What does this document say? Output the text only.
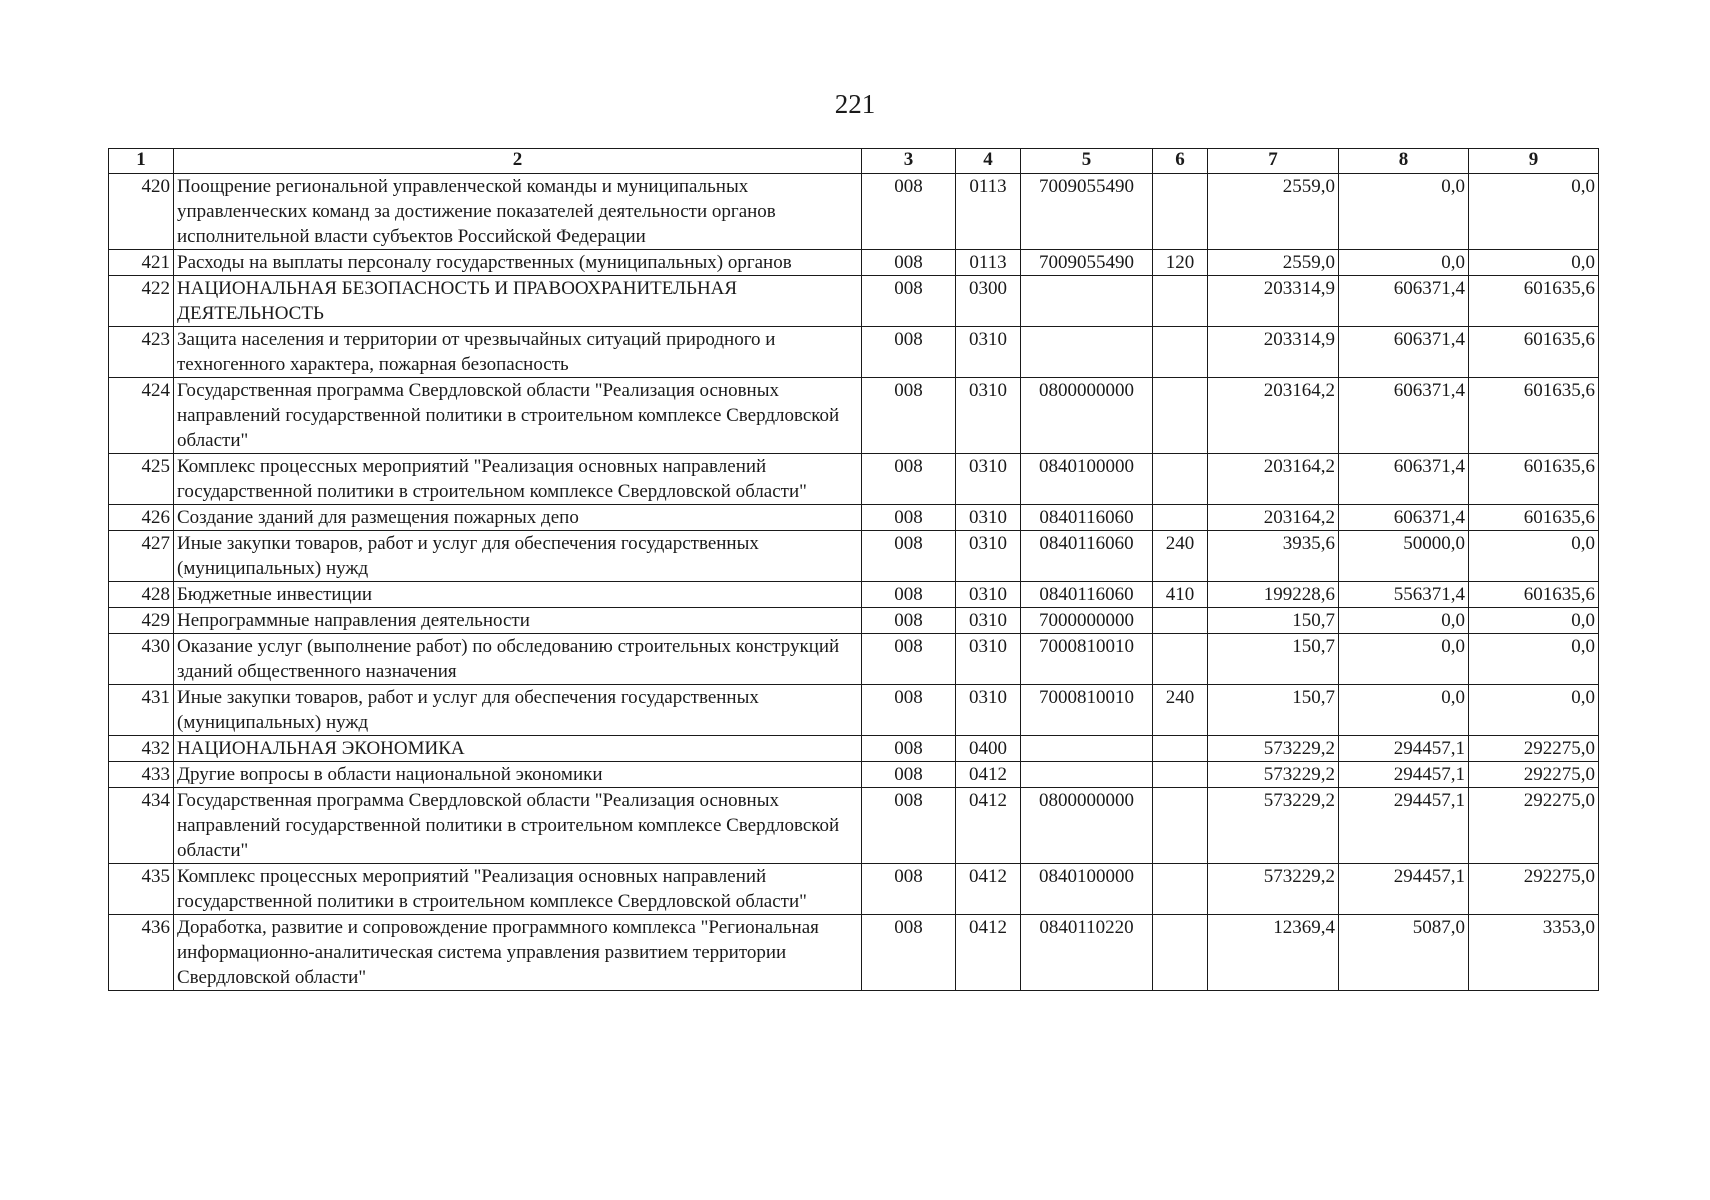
221
1	2	3	4	5	6	7	8	9
420	Поощрение региональной управленческой команды и муниципальных управленческих команд за достижение показателей деятельности органов исполнительной власти субъектов Российской Федерации	008	0113	7009055490		2559,0	0,0	0,0
421	Расходы на выплаты персоналу государственных (муниципальных) органов	008	0113	7009055490	120	2559,0	0,0	0,0
422	НАЦИОНАЛЬНАЯ БЕЗОПАСНОСТЬ И ПРАВООХРАНИТЕЛЬНАЯ ДЕЯТЕЛЬНОСТЬ	008	0300			203314,9	606371,4	601635,6
423	Защита населения и территории от чрезвычайных ситуаций природного и техногенного характера, пожарная безопасность	008	0310			203314,9	606371,4	601635,6
424	Государственная программа Свердловской области "Реализация основных направлений государственной политики в строительном комплексе Свердловской области"	008	0310	0800000000		203164,2	606371,4	601635,6
425	Комплекс процессных мероприятий "Реализация основных направлений государственной политики в строительном комплексе Свердловской области"	008	0310	0840100000		203164,2	606371,4	601635,6
426	Создание зданий для размещения пожарных депо	008	0310	0840116060		203164,2	606371,4	601635,6
427	Иные закупки товаров, работ и услуг для обеспечения государственных (муниципальных) нужд	008	0310	0840116060	240	3935,6	50000,0	0,0
428	Бюджетные инвестиции	008	0310	0840116060	410	199228,6	556371,4	601635,6
429	Непрограммные направления деятельности	008	0310	7000000000		150,7	0,0	0,0
430	Оказание услуг (выполнение работ) по обследованию строительных конструкций зданий общественного назначения	008	0310	7000810010		150,7	0,0	0,0
431	Иные закупки товаров, работ и услуг для обеспечения государственных (муниципальных) нужд	008	0310	7000810010	240	150,7	0,0	0,0
432	НАЦИОНАЛЬНАЯ ЭКОНОМИКА	008	0400			573229,2	294457,1	292275,0
433	Другие вопросы в области национальной экономики	008	0412			573229,2	294457,1	292275,0
434	Государственная программа Свердловской области "Реализация основных направлений государственной политики в строительном комплексе Свердловской области"	008	0412	0800000000		573229,2	294457,1	292275,0
435	Комплекс процессных мероприятий "Реализация основных направлений государственной политики в строительном комплексе Свердловской области"	008	0412	0840100000		573229,2	294457,1	292275,0
436	Доработка, развитие и сопровождение программного комплекса "Региональная информационно-аналитическая система управления развитием территории Свердловской области"	008	0412	0840110220		12369,4	5087,0	3353,0
